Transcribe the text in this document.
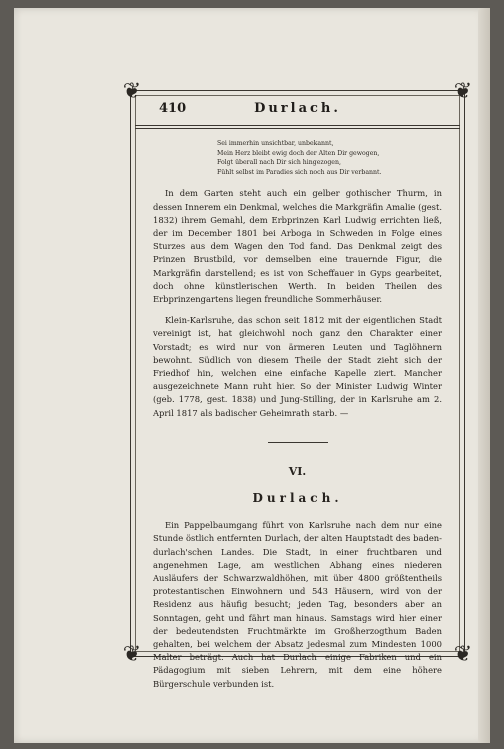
❦	❦
❦	❦
410	Durlach.
Sei immerhin unsichtbar, unbekannt,
Mein Herz bleibt ewig doch der Alten Dir gewogen,
Folgt überall nach Dir sich hingezogen,
Fühlt selbst im Paradies sich noch aus Dir verbannt.

In dem Garten steht auch ein gelber gothischer Thurm, in dessen Innerem ein Denkmal, welches die Markgräfin Amalie (gest. 1832) ihrem Gemahl, dem Erbprinzen Karl Ludwig errichten ließ, der im December 1801 bei Arboga in Schweden in Folge eines Sturzes aus dem Wagen den Tod fand. Das Denkmal zeigt des Prinzen Brustbild, vor demselben eine trauernde Figur, die Markgräfin darstellend; es ist von Scheffauer in Gyps gearbeitet, doch ohne künstlerischen Werth. In beiden Theilen des Erbprinzengartens liegen freundliche Sommerhäuser.

Klein-Karlsruhe, das schon seit 1812 mit der eigentlichen Stadt vereinigt ist, hat gleichwohl noch ganz den Charakter einer Vorstadt; es wird nur von ärmeren Leuten und Taglöhnern bewohnt. Südlich von diesem Theile der Stadt zieht sich der Friedhof hin, welchen eine einfache Kapelle ziert. Mancher ausgezeichnete Mann ruht hier. So der Minister Ludwig Winter (geb. 1778, gest. 1838) und Jung-Stilling, der in Karlsruhe am 2. April 1817 als badischer Geheimrath starb. —

VI.
Durlach.

Ein Pappelbaumgang führt von Karlsruhe nach dem nur eine Stunde östlich entfernten Durlach, der alten Hauptstadt des baden-durlach'schen Landes. Die Stadt, in einer fruchtbaren und angenehmen Lage, am westlichen Abhang eines niederen Ausläufers der Schwarzwaldhöhen, mit über 4800 größtentheils protestantischen Einwohnern und 543 Häusern, wird von der Residenz aus häufig besucht; jeden Tag, besonders aber an Sonntagen, geht und fährt man hinaus. Samstags wird hier einer der bedeutendsten Fruchtmärkte im Großherzogthum Baden gehalten, bei welchem der Absatz jedesmal zum Mindesten 1000 Malter beträgt. Auch hat Durlach einige Fabriken und ein Pädagogium mit sieben Lehrern, mit dem eine höhere Bürgerschule verbunden ist.
